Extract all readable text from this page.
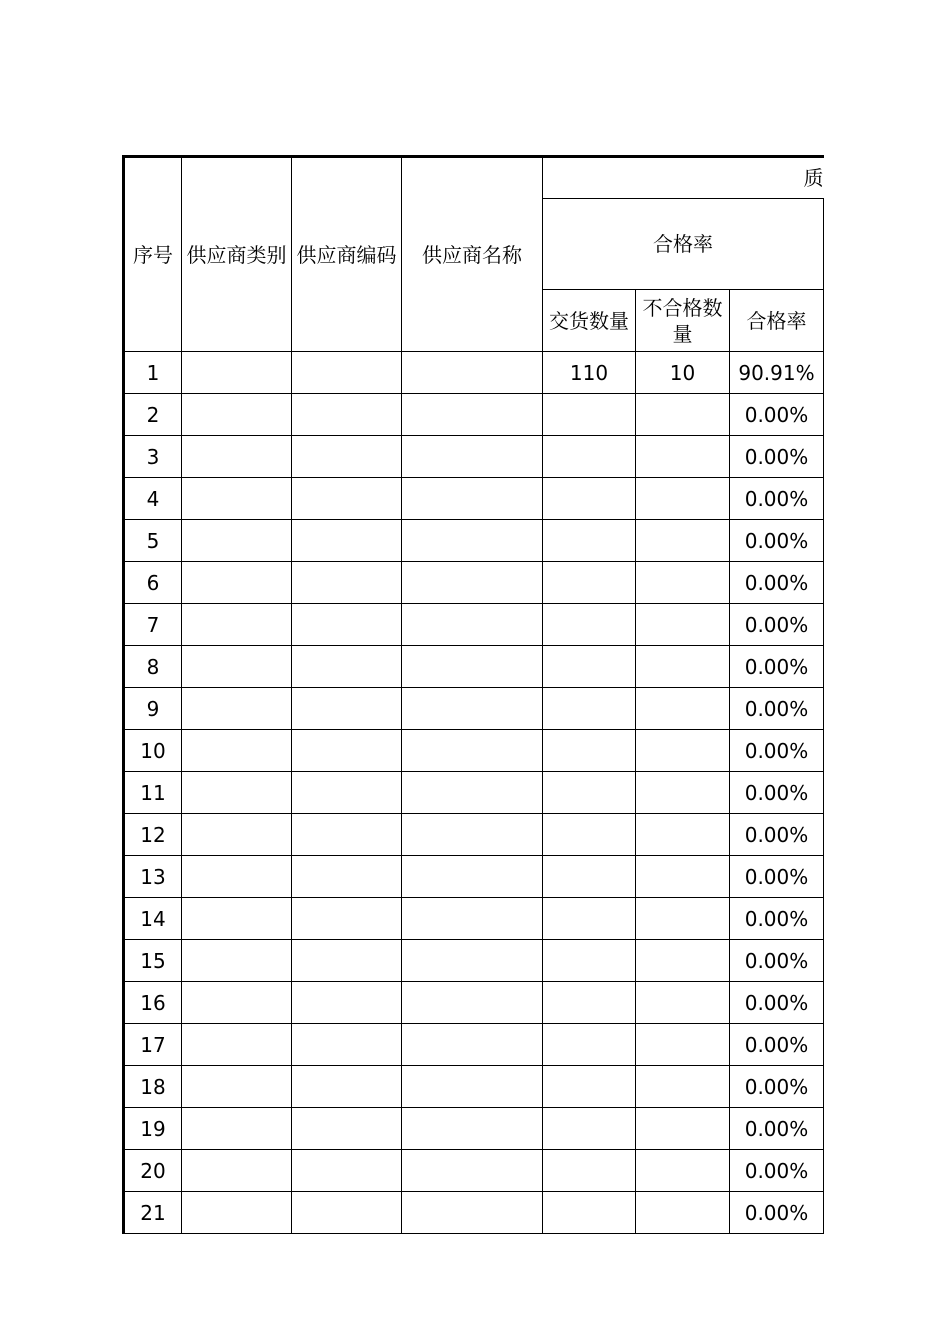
序号	供应商类别	供应商编码	供应商名称	质		
				合格率		
				交货数量	不合格数量	合格率
1				110	10	90.91%
2						0.00%
3						0.00%
4						0.00%
5						0.00%
6						0.00%
7						0.00%
8						0.00%
9						0.00%
10						0.00%
11						0.00%
12						0.00%
13						0.00%
14						0.00%
15						0.00%
16						0.00%
17						0.00%
18						0.00%
19						0.00%
20						0.00%
21						0.00%
